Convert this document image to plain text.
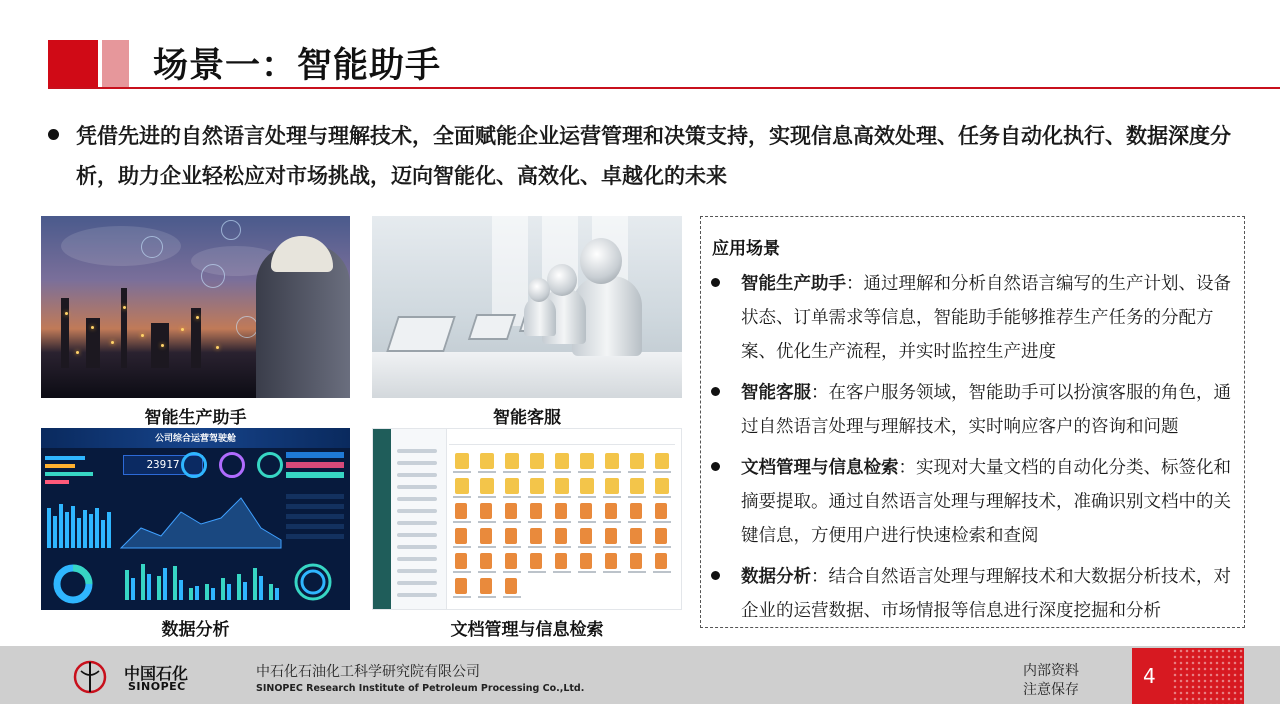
场景一：智能助手
凭借先进的自然语言处理与理解技术，全面赋能企业运营管理和决策支持，实现信息高效处理、任务自动化执行、数据深度分析，助力企业轻松应对市场挑战，迈向智能化、高效化、卓越化的未来
智能生产助手	智能客服
公司综合运营驾驶舱
23917
数据分析	文档管理与信息检索
应用场景
智能生产助手：通过理解和分析自然语言编写的生产计划、设备状态、订单需求等信息，智能助手能够推荐生产任务的分配方案、优化生产流程，并实时监控生产进度
智能客服：在客户服务领域，智能助手可以扮演客服的角色，通过自然语言处理与理解技术，实时响应客户的咨询和问题
文档管理与信息检索：实现对大量文档的自动化分类、标签化和摘要提取。通过自然语言处理与理解技术，准确识别文档中的关键信息，方便用户进行快速检索和查阅
数据分析：结合自然语言处理与理解技术和大数据分析技术，对企业的运营数据、市场情报等信息进行深度挖掘和分析
中国石化
SINOPEC
中石化石油化工科学研究院有限公司
SINOPEC Research Institute of Petroleum Processing Co.,Ltd.
内部资料
注意保存
4
